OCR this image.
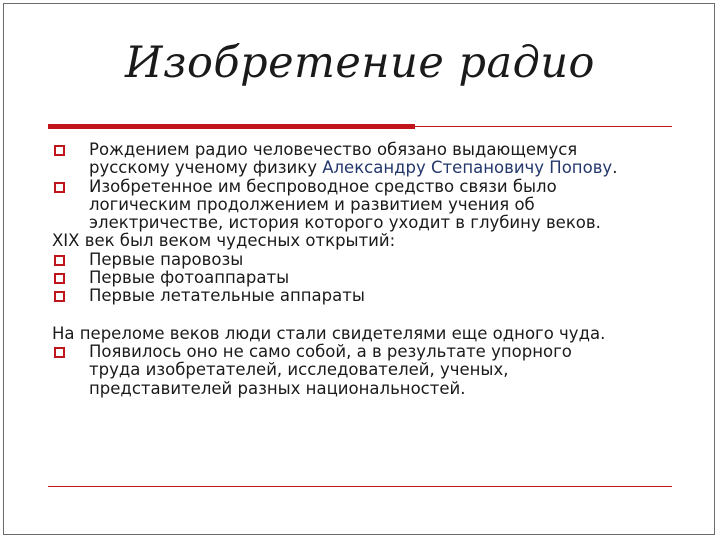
Изобретение радио
Рождением радио человечество обязано выдающемуся
русскому ученому физику Александру Степановичу Попову.
Изобретенное им беспроводное средство связи было
логическим продолжением и развитием учения об
электричестве, история которого уходит в глубину веков.
XIX век был веком чудесных открытий:
Первые паровозы
Первые фотоаппараты
Первые летательные аппараты
На переломе веков люди стали свидетелями еще одного чуда.
Появилось оно не само собой, а в результате упорного
труда изобретателей, исследователей, ученых,
представителей разных национальностей.
